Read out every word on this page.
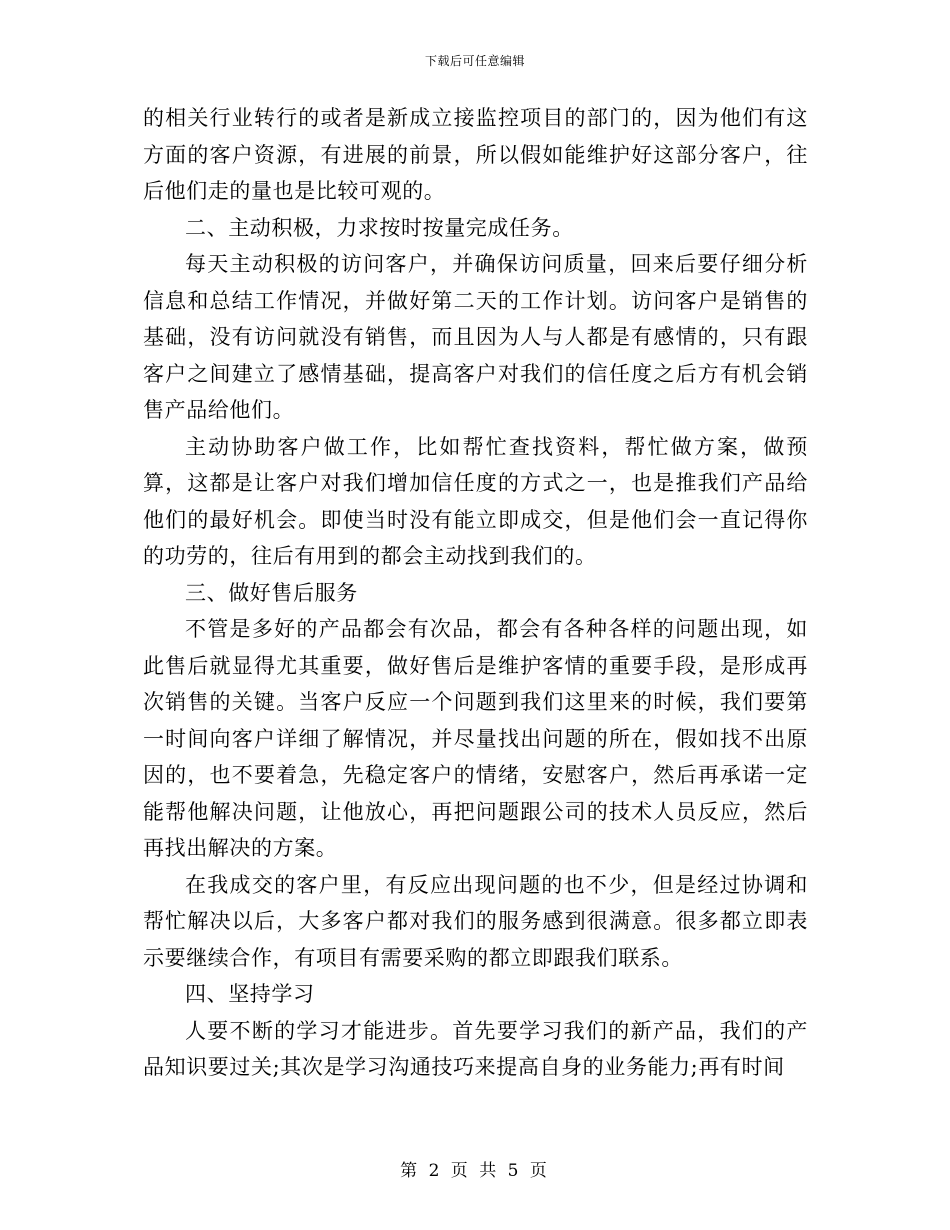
下载后可任意编辑

的相关行业转行的或者是新成立接监控项目的部门的，因为他们有这方面的客户资源，有进展的前景，所以假如能维护好这部分客户，往后他们走的量也是比较可观的。

二、主动积极，力求按时按量完成任务。

每天主动积极的访问客户，并确保访问质量，回来后要仔细分析信息和总结工作情况，并做好第二天的工作计划。访问客户是销售的基础，没有访问就没有销售，而且因为人与人都是有感情的，只有跟客户之间建立了感情基础，提高客户对我们的信任度之后方有机会销售产品给他们。

主动协助客户做工作，比如帮忙查找资料，帮忙做方案，做预算，这都是让客户对我们增加信任度的方式之一，也是推我们产品给他们的最好机会。即使当时没有能立即成交，但是他们会一直记得你的功劳的，往后有用到的都会主动找到我们的。

三、做好售后服务

不管是多好的产品都会有次品，都会有各种各样的问题出现，如此售后就显得尤其重要，做好售后是维护客情的重要手段，是形成再次销售的关键。当客户反应一个问题到我们这里来的时候，我们要第一时间向客户详细了解情况，并尽量找出问题的所在，假如找不出原因的，也不要着急，先稳定客户的情绪，安慰客户，然后再承诺一定能帮他解决问题，让他放心，再把问题跟公司的技术人员反应，然后再找出解决的方案。

在我成交的客户里，有反应出现问题的也不少，但是经过协调和帮忙解决以后，大多客户都对我们的服务感到很满意。很多都立即表示要继续合作，有项目有需要采购的都立即跟我们联系。

四、坚持学习

人要不断的学习才能进步。首先要学习我们的新产品，我们的产品知识要过关;其次是学习沟通技巧来提高自身的业务能力;再有时间

第 2 页 共 5 页
